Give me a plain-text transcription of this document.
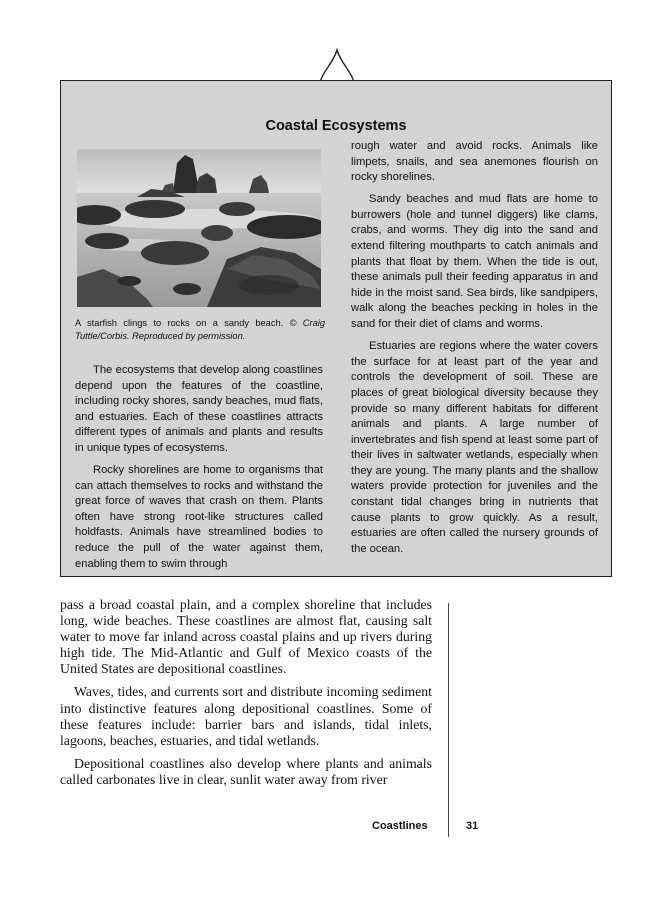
Coastal Ecosystems

A starfish clings to rocks on a sandy beach. © Craig Tuttle/Corbis. Reproduced by permission.

The ecosystems that develop along coastlines depend upon the features of the coastline, including rocky shores, sandy beaches, mud flats, and estuaries. Each of these coastlines attracts different types of animals and plants and results in unique types of ecosystems.

Rocky shorelines are home to organisms that can attach themselves to rocks and withstand the great force of waves that crash on them. Plants often have strong root-like structures called holdfasts. Animals have streamlined bodies to reduce the pull of the water against them, enabling them to swim through

rough water and avoid rocks. Animals like limpets, snails, and sea anemones flourish on rocky shorelines.

Sandy beaches and mud flats are home to burrowers (hole and tunnel diggers) like clams, crabs, and worms. They dig into the sand and extend filtering mouthparts to catch animals and plants that float by them. When the tide is out, these animals pull their feeding apparatus in and hide in the moist sand. Sea birds, like sandpipers, walk along the beaches pecking in holes in the sand for their diet of clams and worms.

Estuaries are regions where the water covers the surface for at least part of the year and controls the development of soil. These are places of great biological diversity because they provide so many different habitats for different animals and plants. A large number of invertebrates and fish spend at least some part of their lives in saltwater wetlands, especially when they are young. The many plants and the shallow waters provide protection for juveniles and the constant tidal changes bring in nutrients that cause plants to grow quickly. As a result, estuaries are often called the nursery grounds of the ocean.

pass a broad coastal plain, and a complex shoreline that includes long, wide beaches. These coastlines are almost flat, causing salt water to move far inland across coastal plains and up rivers during high tide. The Mid-Atlantic and Gulf of Mexico coasts of the United States are depositional coastlines.

Waves, tides, and currents sort and distribute incoming sediment into distinctive features along depositional coastlines. Some of these features include: barrier bars and islands, tidal inlets, lagoons, beaches, estuaries, and tidal wetlands.

Depositional coastlines also develop where plants and animals called carbonates live in clear, sunlit water away from river

Coastlines	31
